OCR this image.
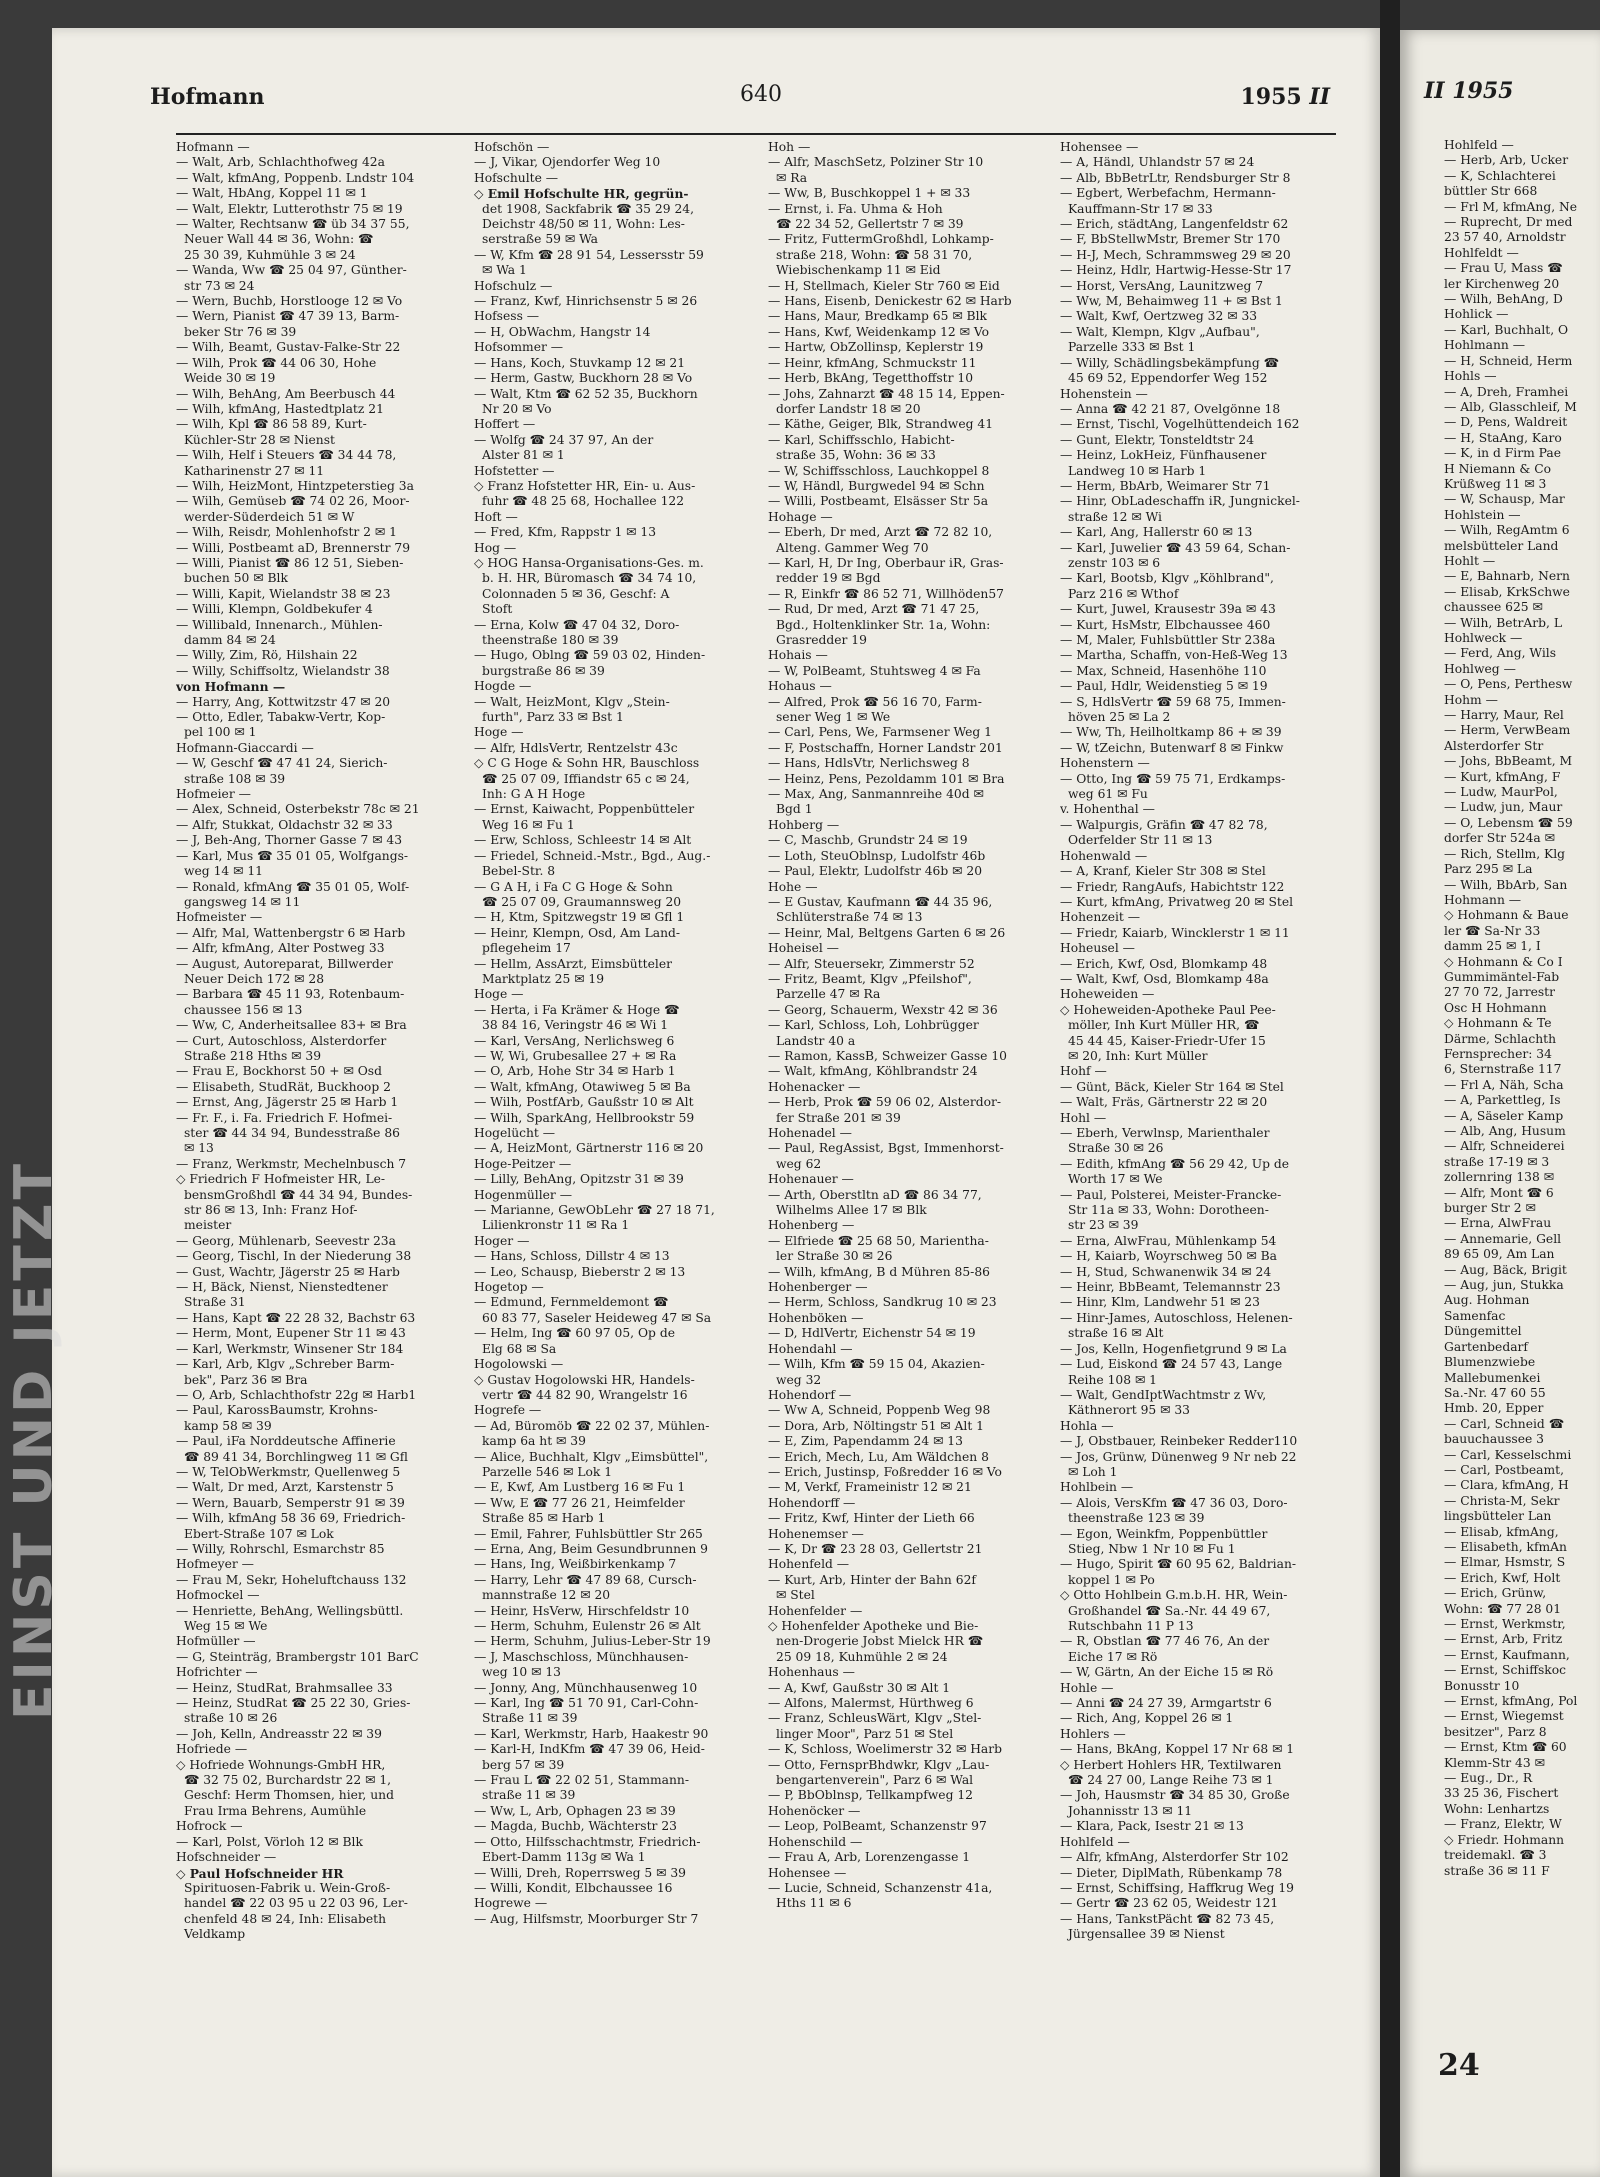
EINST UND JETZT
Hofmann	640	1955 II
Hofmann —
— Walt, Arb, Schlachthofweg 42a
— Walt, kfmAng, Poppenb. Lndstr 104
— Walt, HbAng, Koppel 11 ✉ 1
— Walt, Elektr, Lutterothstr 75 ✉ 19
— Walter, Rechtsanw ☎ üb 34 37 55,
Neuer Wall 44 ✉ 36, Wohn: ☎
25 30 39, Kuhmühle 3 ✉ 24
— Wanda, Ww ☎ 25 04 97, Günther-
str 73 ✉ 24
— Wern, Buchb, Horstlooge 12 ✉ Vo
— Wern, Pianist ☎ 47 39 13, Barm-
beker Str 76 ✉ 39
— Wilh, Beamt, Gustav-Falke-Str 22
— Wilh, Prok ☎ 44 06 30, Hohe
Weide 30 ✉ 19
— Wilh, BehAng, Am Beerbusch 44
— Wilh, kfmAng, Hastedtplatz 21
— Wilh, Kpl ☎ 86 58 89, Kurt-
Küchler-Str 28 ✉ Nienst
— Wilh, Helf i Steuers ☎ 34 44 78,
Katharinenstr 27 ✉ 11
— Wilh, HeizMont, Hintzpeterstieg 3a
— Wilh, Gemüseb ☎ 74 02 26, Moor-
werder-Süderdeich 51 ✉ W
— Wilh, Reisdr, Mohlenhofstr 2 ✉ 1
— Willi, Postbeamt aD, Brennerstr 79
— Willi, Pianist ☎ 86 12 51, Sieben-
buchen 50 ✉ Blk
— Willi, Kapit, Wielandstr 38 ✉ 23
— Willi, Klempn, Goldbekufer 4
— Willibald, Innenarch., Mühlen-
damm 84 ✉ 24
— Willy, Zim, Rö, Hilshain 22
— Willy, Schiffsoltz, Wielandstr 38
von Hofmann —
— Harry, Ang, Kottwitzstr 47 ✉ 20
— Otto, Edler, Tabakw-Vertr, Kop-
pel 100 ✉ 1
Hofmann-Giaccardi —
— W, Geschf ☎ 47 41 24, Sierich-
straße 108 ✉ 39
Hofmeier —
— Alex, Schneid, Osterbekstr 78c ✉ 21
— Alfr, Stukkat, Oldachstr 32 ✉ 33
— J, Beh-Ang, Thorner Gasse 7 ✉ 43
— Karl, Mus ☎ 35 01 05, Wolfgangs-
weg 14 ✉ 11
— Ronald, kfmAng ☎ 35 01 05, Wolf-
gangsweg 14 ✉ 11
Hofmeister —
— Alfr, Mal, Wattenbergstr 6 ✉ Harb
— Alfr, kfmAng, Alter Postweg 33
— August, Autoreparat, Billwerder
Neuer Deich 172 ✉ 28
— Barbara ☎ 45 11 93, Rotenbaum-
chaussee 156 ✉ 13
— Ww, C, Anderheitsallee 83+ ✉ Bra
— Curt, Autoschloss, Alsterdorfer
Straße 218 Hths ✉ 39
— Frau E, Bockhorst 50 + ✉ Osd
— Elisabeth, StudRät, Buckhoop 2
— Ernst, Ang, Jägerstr 25 ✉ Harb 1
— Fr. F., i. Fa. Friedrich F. Hofmei-
ster ☎ 44 34 94, Bundesstraße 86
✉ 13
— Franz, Werkmstr, Mechelnbusch 7
◇ Friedrich F Hofmeister HR, Le-
bensmGroßhdl ☎ 44 34 94, Bundes-
str 86 ✉ 13, Inh: Franz Hof-
meister
— Georg, Mühlenarb, Seevestr 23a
— Georg, Tischl, In der Niederung 38
— Gust, Wachtr, Jägerstr 25 ✉ Harb
— H, Bäck, Nienst, Nienstedtener
Straße 31
— Hans, Kapt ☎ 22 28 32, Bachstr 63
— Herm, Mont, Eupener Str 11 ✉ 43
— Karl, Werkmstr, Winsener Str 184
— Karl, Arb, Klgv „Schreber Barm-
bek", Parz 36 ✉ Bra
— O, Arb, Schlachthofstr 22g ✉ Harb1
— Paul, KarossBaumstr, Krohns-
kamp 58 ✉ 39
— Paul, iFa Norddeutsche Affinerie
☎ 89 41 34, Borchlingweg 11 ✉ Gfl
— W, TelObWerkmstr, Quellenweg 5
— Walt, Dr med, Arzt, Karstenstr 5
— Wern, Bauarb, Semperstr 91 ✉ 39
— Wilh, kfmAng 58 36 69, Friedrich-
Ebert-Straße 107 ✉ Lok
— Willy, Rohrschl, Esmarchstr 85
Hofmeyer —
— Frau M, Sekr, Hoheluftchauss 132
Hofmockel —
— Henriette, BehAng, Wellingsbüttl.
Weg 15 ✉ We
Hofmüller —
— G, Steinträg, Brambergstr 101 BarC
Hofrichter —
— Heinz, StudRat, Brahmsallee 33
— Heinz, StudRat ☎ 25 22 30, Gries-
straße 10 ✉ 26
— Joh, Kelln, Andreasstr 22 ✉ 39
Hofriede —
◇ Hofriede Wohnungs-GmbH HR,
☎ 32 75 02, Burchardstr 22 ✉ 1,
Geschf: Herm Thomsen, hier, und
Frau Irma Behrens, Aumühle
Hofrock —
— Karl, Polst, Vörloh 12 ✉ Blk
Hofschneider —
◇ Paul Hofschneider HR
Spirituosen-Fabrik u. Wein-Groß-
handel ☎ 22 03 95 u 22 03 96, Ler-
chenfeld 48 ✉ 24, Inh: Elisabeth
Veldkamp
Hofschön —
— J, Vikar, Ojendorfer Weg 10
Hofschulte —
◇ Emil Hofschulte HR, gegrün-
det 1908, Sackfabrik ☎ 35 29 24,
Deichstr 48/50 ✉ 11, Wohn: Les-
serstraße 59 ✉ Wa
— W, Kfm ☎ 28 91 54, Lessersstr 59
✉ Wa 1
Hofschulz —
— Franz, Kwf, Hinrichsenstr 5 ✉ 26
Hofsess —
— H, ObWachm, Hangstr 14
Hofsommer —
— Hans, Koch, Stuvkamp 12 ✉ 21
— Herm, Gastw, Buckhorn 28 ✉ Vo
— Walt, Ktm ☎ 62 52 35, Buckhorn
Nr 20 ✉ Vo
Hoffert —
— Wolfg ☎ 24 37 97, An der
Alster 81 ✉ 1
Hofstetter —
◇ Franz Hofstetter HR, Ein- u. Aus-
fuhr ☎ 48 25 68, Hochallee 122
Hoft —
— Fred, Kfm, Rappstr 1 ✉ 13
Hog —
◇ HOG Hansa-Organisations-Ges. m.
b. H. HR, Büromasch ☎ 34 74 10,
Colonnaden 5 ✉ 36, Geschf: A
Stoft
— Erna, Kolw ☎ 47 04 32, Doro-
theenstraße 180 ✉ 39
— Hugo, Oblng ☎ 59 03 02, Hinden-
burgstraße 86 ✉ 39
Hogde —
— Walt, HeizMont, Klgv „Stein-
furth", Parz 33 ✉ Bst 1
Hoge —
— Alfr, HdlsVertr, Rentzelstr 43c
◇ C G Hoge & Sohn HR, Bauschloss
☎ 25 07 09, Iffiandstr 65 c ✉ 24,
Inh: G A H Hoge
— Ernst, Kaiwacht, Poppenbütteler
Weg 16 ✉ Fu 1
— Erw, Schloss, Schleestr 14 ✉ Alt
— Friedel, Schneid.-Mstr., Bgd., Aug.-
Bebel-Str. 8
— G A H, i Fa C G Hoge & Sohn
☎ 25 07 09, Graumannsweg 20
— H, Ktm, Spitzwegstr 19 ✉ Gfl 1
— Heinr, Klempn, Osd, Am Land-
pflegeheim 17
— Hellm, AssArzt, Eimsbütteler
Marktplatz 25 ✉ 19
Hoge —
— Herta, i Fa Krämer & Hoge ☎
38 84 16, Veringstr 46 ✉ Wi 1
— Karl, VersAng, Nerlichsweg 6
— W, Wi, Grubesallee 27 + ✉ Ra
— O, Arb, Hohe Str 34 ✉ Harb 1
— Walt, kfmAng, Otawiweg 5 ✉ Ba
— Wilh, PostfArb, Gaußstr 10 ✉ Alt
— Wilh, SparkAng, Hellbrookstr 59
Hogelücht —
— A, HeizMont, Gärtnerstr 116 ✉ 20
Hoge-Peitzer —
— Lilly, BehAng, Opitzstr 31 ✉ 39
Hogenmüller —
— Marianne, GewObLehr ☎ 27 18 71,
Lilienkronstr 11 ✉ Ra 1
Hoger —
— Hans, Schloss, Dillstr 4 ✉ 13
— Leo, Schausp, Bieberstr 2 ✉ 13
Hogetop —
— Edmund, Fernmeldemont ☎
60 83 77, Saseler Heideweg 47 ✉ Sa
— Helm, Ing ☎ 60 97 05, Op de
Elg 68 ✉ Sa
Hogolowski —
◇ Gustav Hogolowski HR, Handels-
vertr ☎ 44 82 90, Wrangelstr 16
Hogrefe —
— Ad, Büromöb ☎ 22 02 37, Mühlen-
kamp 6a ht ✉ 39
— Alice, Buchhalt, Klgv „Eimsbüttel",
Parzelle 546 ✉ Lok 1
— E, Kwf, Am Lustberg 16 ✉ Fu 1
— Ww, E ☎ 77 26 21, Heimfelder
Straße 85 ✉ Harb 1
— Emil, Fahrer, Fuhlsbüttler Str 265
— Erna, Ang, Beim Gesundbrunnen 9
— Hans, Ing, Weißbirkenkamp 7
— Harry, Lehr ☎ 47 89 68, Cursch-
mannstraße 12 ✉ 20
— Heinr, HsVerw, Hirschfeldstr 10
— Herm, Schuhm, Eulenstr 26 ✉ Alt
— Herm, Schuhm, Julius-Leber-Str 19
— J, Maschschloss, Münchhausen-
weg 10 ✉ 13
— Jonny, Ang, Münchhausenweg 10
— Karl, Ing ☎ 51 70 91, Carl-Cohn-
Straße 11 ✉ 39
— Karl, Werkmstr, Harb, Haakestr 90
— Karl-H, IndKfm ☎ 47 39 06, Heid-
berg 57 ✉ 39
— Frau L ☎ 22 02 51, Stammann-
straße 11 ✉ 39
— Ww, L, Arb, Ophagen 23 ✉ 39
— Magda, Buchb, Wächterstr 23
— Otto, Hilfsschachtmstr, Friedrich-
Ebert-Damm 113g ✉ Wa 1
— Willi, Dreh, Roperrsweg 5 ✉ 39
— Willi, Kondit, Elbchaussee 16
Hogrewe —
— Aug, Hilfsmstr, Moorburger Str 7
Hoh —
— Alfr, MaschSetz, Polziner Str 10
✉ Ra
— Ww, B, Buschkoppel 1 + ✉ 33
— Ernst, i. Fa. Uhma & Hoh
☎ 22 34 52, Gellertstr 7 ✉ 39
— Fritz, FuttermGroßhdl, Lohkamp-
straße 218, Wohn: ☎ 58 31 70,
Wiebischenkamp 11 ✉ Eid
— H, Stellmach, Kieler Str 760 ✉ Eid
— Hans, Eisenb, Denickestr 62 ✉ Harb
— Hans, Maur, Bredkamp 65 ✉ Blk
— Hans, Kwf, Weidenkamp 12 ✉ Vo
— Hartw, ObZollinsp, Keplerstr 19
— Heinr, kfmAng, Schmuckstr 11
— Herb, BkAng, Tegetthoffstr 10
— Johs, Zahnarzt ☎ 48 15 14, Eppen-
dorfer Landstr 18 ✉ 20
— Käthe, Geiger, Blk, Strandweg 41
— Karl, Schiffsschlo, Habicht-
straße 35, Wohn: 36 ✉ 33
— W, Schiffsschloss, Lauchkoppel 8
— W, Händl, Burgwedel 94 ✉ Schn
— Willi, Postbeamt, Elsässer Str 5a
Hohage —
— Eberh, Dr med, Arzt ☎ 72 82 10,
Alteng. Gammer Weg 70
— Karl, H, Dr Ing, Oberbaur iR, Gras-
redder 19 ✉ Bgd
— R, Einkfr ☎ 86 52 71, Willhöden57
— Rud, Dr med, Arzt ☎ 71 47 25,
Bgd., Holtenklinker Str. 1a, Wohn:
Grasredder 19
Hohais —
— W, PolBeamt, Stuhtsweg 4 ✉ Fa
Hohaus —
— Alfred, Prok ☎ 56 16 70, Farm-
sener Weg 1 ✉ We
— Carl, Pens, We, Farmsener Weg 1
— F, Postschaffn, Horner Landstr 201
— Hans, HdlsVtr, Nerlichsweg 8
— Heinz, Pens, Pezoldamm 101 ✉ Bra
— Max, Ang, Sanmannreihe 40d ✉
Bgd 1
Hohberg —
— C, Maschb, Grundstr 24 ✉ 19
— Loth, SteuOblnsp, Ludolfstr 46b
— Paul, Elektr, Ludolfstr 46b ✉ 20
Hohe —
— E Gustav, Kaufmann ☎ 44 35 96,
Schlüterstraße 74 ✉ 13
— Heinr, Mal, Beltgens Garten 6 ✉ 26
Hoheisel —
— Alfr, Steuersekr, Zimmerstr 52
— Fritz, Beamt, Klgv „Pfeilshof",
Parzelle 47 ✉ Ra
— Georg, Schauerm, Wexstr 42 ✉ 36
— Karl, Schloss, Loh, Lohbrügger
Landstr 40 a
— Ramon, KassB, Schweizer Gasse 10
— Walt, kfmAng, Köhlbrandstr 24
Hohenacker —
— Herb, Prok ☎ 59 06 02, Alsterdor-
fer Straße 201 ✉ 39
Hohenadel —
— Paul, RegAssist, Bgst, Immenhorst-
weg 62
Hohenauer —
— Arth, Oberstltn aD ☎ 86 34 77,
Wilhelms Allee 17 ✉ Blk
Hohenberg —
— Elfriede ☎ 25 68 50, Marientha-
ler Straße 30 ✉ 26
— Wilh, kfmAng, B d Mühren 85-86
Hohenberger —
— Herm, Schloss, Sandkrug 10 ✉ 23
Hohenböken —
— D, HdlVertr, Eichenstr 54 ✉ 19
Hohendahl —
— Wilh, Kfm ☎ 59 15 04, Akazien-
weg 32
Hohendorf —
— Ww A, Schneid, Poppenb Weg 98
— Dora, Arb, Nöltingstr 51 ✉ Alt 1
— E, Zim, Papendamm 24 ✉ 13
— Erich, Mech, Lu, Am Wäldchen 8
— Erich, Justinsp, Foßredder 16 ✉ Vo
— M, Verkf, Frameinistr 12 ✉ 21
Hohendorff —
— Fritz, Kwf, Hinter der Lieth 66
Hohenemser —
— K, Dr ☎ 23 28 03, Gellertstr 21
Hohenfeld —
— Kurt, Arb, Hinter der Bahn 62f
✉ Stel
Hohenfelder —
◇ Hohenfelder Apotheke und Bie-
nen-Drogerie Jobst Mielck HR ☎
25 09 18, Kuhmühle 2 ✉ 24
Hohenhaus —
— A, Kwf, Gaußstr 30 ✉ Alt 1
— Alfons, Malermst, Hürthweg 6
— Franz, SchleusWärt, Klgv „Stel-
linger Moor", Parz 51 ✉ Stel
— K, Schloss, Woelimerstr 32 ✉ Harb
— Otto, FernsprBhdwkr, Klgv „Lau-
bengartenverein", Parz 6 ✉ Wal
— P, BbOblnsp, Tellkampfweg 12
Hohenöcker —
— Leop, PolBeamt, Schanzenstr 97
Hohenschild —
— Frau A, Arb, Lorenzengasse 1
Hohensee —
— Lucie, Schneid, Schanzenstr 41a,
Hths 11 ✉ 6
Hohensee —
— A, Händl, Uhlandstr 57 ✉ 24
— Alb, BbBetrLtr, Rendsburger Str 8
— Egbert, Werbefachm, Hermann-
Kauffmann-Str 17 ✉ 33
— Erich, städtAng, Langenfeldstr 62
— F, BbStellwMstr, Bremer Str 170
— H-J, Mech, Schrammsweg 29 ✉ 20
— Heinz, Hdlr, Hartwig-Hesse-Str 17
— Horst, VersAng, Launitzweg 7
— Ww, M, Behaimweg 11 + ✉ Bst 1
— Walt, Kwf, Oertzweg 32 ✉ 33
— Walt, Klempn, Klgv „Aufbau",
Parzelle 333 ✉ Bst 1
— Willy, Schädlingsbekämpfung ☎
45 69 52, Eppendorfer Weg 152
Hohenstein —
— Anna ☎ 42 21 87, Ovelgönne 18
— Ernst, Tischl, Vogelhüttendeich 162
— Gunt, Elektr, Tonsteldtstr 24
— Heinz, LokHeiz, Fünfhausener
Landweg 10 ✉ Harb 1
— Herm, BbArb, Weimarer Str 71
— Hinr, ObLadeschaffn iR, Jungnickel-
straße 12 ✉ Wi
— Karl, Ang, Hallerstr 60 ✉ 13
— Karl, Juwelier ☎ 43 59 64, Schan-
zenstr 103 ✉ 6
— Karl, Bootsb, Klgv „Köhlbrand",
Parz 216 ✉ Wthof
— Kurt, Juwel, Krausestr 39a ✉ 43
— Kurt, HsMstr, Elbchaussee 460
— M, Maler, Fuhlsbüttler Str 238a
— Martha, Schaffn, von-Heß-Weg 13
— Max, Schneid, Hasenhöhe 110
— Paul, Hdlr, Weidenstieg 5 ✉ 19
— S, HdlsVertr ☎ 59 68 75, Immen-
höven 25 ✉ La 2
— Ww, Th, Heilholtkamp 86 + ✉ 39
— W, tZeichn, Butenwarf 8 ✉ Finkw
Hohenstern —
— Otto, Ing ☎ 59 75 71, Erdkamps-
weg 61 ✉ Fu
v. Hohenthal —
— Walpurgis, Gräfin ☎ 47 82 78,
Oderfelder Str 11 ✉ 13
Hohenwald —
— A, Kranf, Kieler Str 308 ✉ Stel
— Friedr, RangAufs, Habichtstr 122
— Kurt, kfmAng, Privatweg 20 ✉ Stel
Hohenzeit —
— Friedr, Kaiarb, Wincklerstr 1 ✉ 11
Hoheusel —
— Erich, Kwf, Osd, Blomkamp 48
— Walt, Kwf, Osd, Blomkamp 48a
Hoheweiden —
◇ Hoheweiden-Apotheke Paul Pee-
möller, Inh Kurt Müller HR, ☎
45 44 45, Kaiser-Friedr-Ufer 15
✉ 20, Inh: Kurt Müller
Hohf —
— Günt, Bäck, Kieler Str 164 ✉ Stel
— Walt, Fräs, Gärtnerstr 22 ✉ 20
Hohl —
— Eberh, Verwlnsp, Marienthaler
Straße 30 ✉ 26
— Edith, kfmAng ☎ 56 29 42, Up de
Worth 17 ✉ We
— Paul, Polsterei, Meister-Francke-
Str 11a ✉ 33, Wohn: Dorotheen-
str 23 ✉ 39
— Erna, AlwFrau, Mühlenkamp 54
— H, Kaiarb, Woyrschweg 50 ✉ Ba
— H, Stud, Schwanenwik 34 ✉ 24
— Heinr, BbBeamt, Telemannstr 23
— Hinr, Klm, Landwehr 51 ✉ 23
— Hinr-James, Autoschloss, Helenen-
straße 16 ✉ Alt
— Jos, Kelln, Hogenfietgrund 9 ✉ La
— Lud, Eiskond ☎ 24 57 43, Lange
Reihe 108 ✉ 1
— Walt, GendIptWachtmstr z Wv,
Käthnerort 95 ✉ 33
Hohla —
— J, Obstbauer, Reinbeker Redder110
— Jos, Grünw, Dünenweg 9 Nr neb 22
✉ Loh 1
Hohlbein —
— Alois, VersKfm ☎ 47 36 03, Doro-
theenstraße 123 ✉ 39
— Egon, Weinkfm, Poppenbüttler
Stieg, Nbw 1 Nr 10 ✉ Fu 1
— Hugo, Spirit ☎ 60 95 62, Baldrian-
koppel 1 ✉ Po
◇ Otto Hohlbein G.m.b.H. HR, Wein-
Großhandel ☎ Sa.-Nr. 44 49 67,
Rutschbahn 11 P 13
— R, Obstlan ☎ 77 46 76, An der
Eiche 17 ✉ Rö
— W, Gärtn, An der Eiche 15 ✉ Rö
Hohle —
— Anni ☎ 24 27 39, Armgartstr 6
— Rich, Ang, Koppel 26 ✉ 1
Hohlers —
— Hans, BkAng, Koppel 17 Nr 68 ✉ 1
◇ Herbert Hohlers HR, Textilwaren
☎ 24 27 00, Lange Reihe 73 ✉ 1
— Joh, Hausmstr ☎ 34 85 30, Große
Johannisstr 13 ✉ 11
— Klara, Pack, Isestr 21 ✉ 13
Hohlfeld —
— Alfr, kfmAng, Alsterdorfer Str 102
— Dieter, DiplMath, Rübenkamp 78
— Ernst, Schiffsing, Haffkrug Weg 19
— Gertr ☎ 23 62 05, Weidestr 121
— Hans, TankstPächt ☎ 82 73 45,
Jürgensallee 39 ✉ Nienst
II 1955
Hohlfeld —
— Herb, Arb, Ucker
— K, Schlachterei
büttler Str 668
— Frl M, kfmAng, Ne
— Ruprecht, Dr med
23 57 40, Arnoldstr
Hohlfeldt —
— Frau U, Mass ☎
ler Kirchenweg 20
— Wilh, BehAng, D
Hohlick —
— Karl, Buchhalt, O
Hohlmann —
— H, Schneid, Herm
Hohls —
— A, Dreh, Framhei
— Alb, Glasschleif, M
— D, Pens, Waldreit
— H, StaAng, Karo
— K, in d Firm Pae
H Niemann & Co
Krüßweg 11 ✉ 3
— W, Schausp, Mar
Hohlstein —
— Wilh, RegAmtm 6
melsbütteler Land
Hohlt —
— E, Bahnarb, Nern
— Elisab, KrkSchwe
chaussee 625 ✉
— Wilh, BetrArb, L
Hohlweck —
— Ferd, Ang, Wils
Hohlweg —
— O, Pens, Perthesw
Hohm —
— Harry, Maur, Rel
— Herm, VerwBeam
Alsterdorfer Str
— Johs, BbBeamt, M
— Kurt, kfmAng, F
— Ludw, MaurPol,
— Ludw, jun, Maur
— O, Lebensm ☎ 59
dorfer Str 524a ✉
— Rich, Stellm, Klg
Parz 295 ✉ La
— Wilh, BbArb, San
Hohmann —
◇ Hohmann & Baue
ler ☎ Sa-Nr 33
damm 25 ✉ 1, I
◇ Hohmann & Co I
Gummimäntel-Fab
27 70 72, Jarrestr
Osc H Hohmann
◇ Hohmann & Te
Därme, Schlachth
Fernsprecher: 34
6, Sternstraße 117
— Frl A, Näh, Scha
— A, Parkettleg, Is
— A, Säseler Kamp
— Alb, Ang, Husum
— Alfr, Schneiderei
straße 17-19 ✉ 3
zollernring 138 ✉
— Alfr, Mont ☎ 6
burger Str 2 ✉
— Erna, AlwFrau
— Annemarie, Gell
89 65 09, Am Lan
— Aug, Bäck, Brigit
— Aug, jun, Stukka
Aug. Hohman
Samenfac
Düngemittel
Gartenbedarf
Blumenzwiebe
Mallebumenkei
Sa.-Nr. 47 60 55
Hmb. 20, Epper
— Carl, Schneid ☎
bauuchaussee 3
— Carl, Kesselschmi
— Carl, Postbeamt,
— Clara, kfmAng, H
— Christa-M, Sekr
lingsbütteler Lan
— Elisab, kfmAng,
— Elisabeth, kfmAn
— Elmar, Hsmstr, S
— Erich, Kwf, Holt
— Erich, Grünw,
Wohn: ☎ 77 28 01
— Ernst, Werkmstr,
— Ernst, Arb, Fritz
— Ernst, Kaufmann,
— Ernst, Schiffskoc
Bonusstr 10
— Ernst, kfmAng, Pol
— Ernst, Wiegemst
besitzer", Parz 8
— Ernst, Ktm ☎ 60
Klemm-Str 43 ✉
— Eug., Dr., R
33 25 36, Fischert
Wohn: Lenhartzs
— Franz, Elektr, W
◇ Friedr. Hohmann
treidemakl. ☎ 3
straße 36 ✉ 11 F
24
